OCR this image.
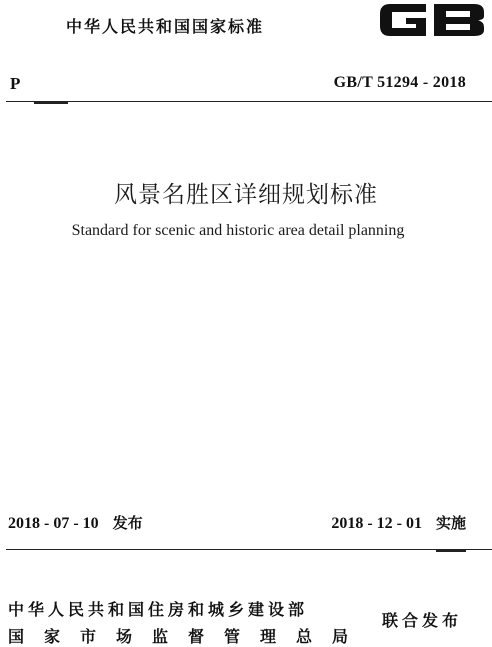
中华人民共和国国家标准
P	GB/T 51294 - 2018
风景名胜区详细规划标准
Standard for scenic and historic area detail planning
2018 - 07 - 10 发布	2018 - 12 - 01 实施
中华人民共和国住房和城乡建设部
国家市场监督管理总局
联合发布
